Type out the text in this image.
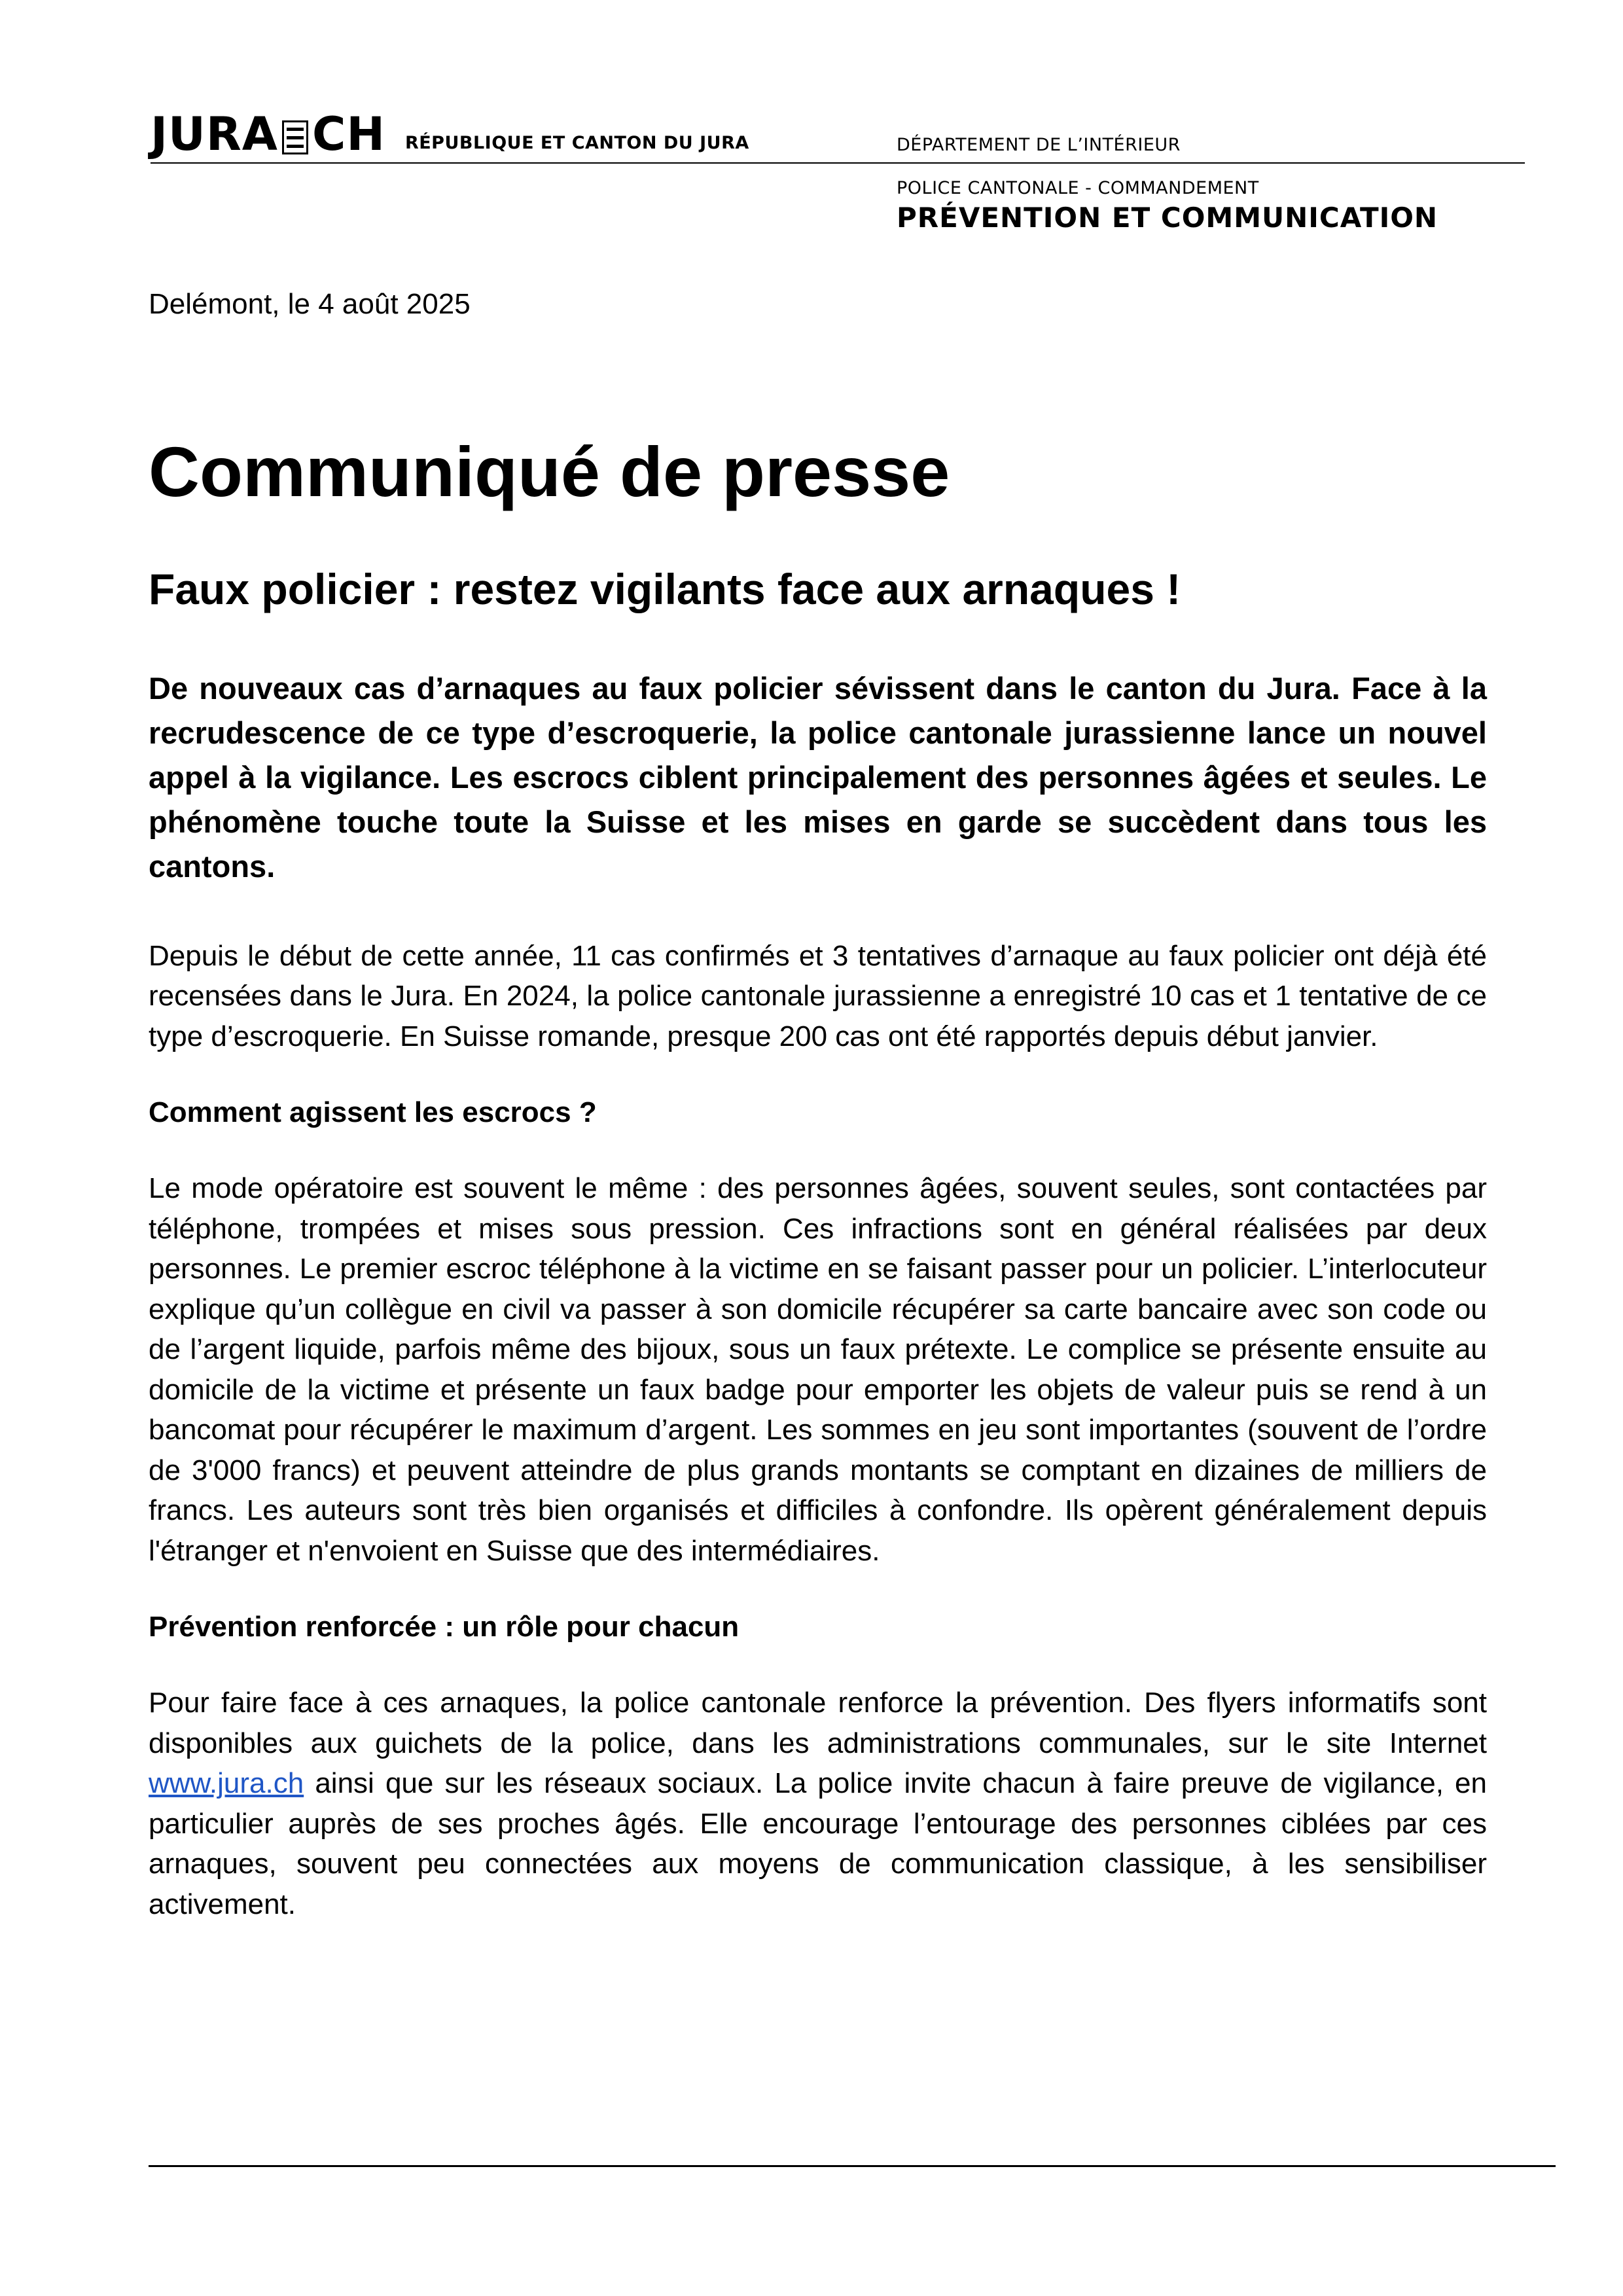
JURA CH RÉPUBLIQUE ET CANTON DU JURA	DÉPARTEMENT DE L’INTÉRIEUR
POLICE CANTONALE - COMMANDEMENT
PRÉVENTION ET COMMUNICATION

Delémont, le 4 août 2025

Communiqué de presse
Faux policier : restez vigilants face aux arnaques !

De nouveaux cas d’arnaques au faux policier sévissent dans le canton du Jura. Face à la recrudescence de ce type d’escroquerie, la police cantonale jurassienne lance un nouvel appel à la vigilance. Les escrocs ciblent principalement des personnes âgées et seules. Le phénomène touche toute la Suisse et les mises en garde se succèdent dans tous les cantons.

Depuis le début de cette année, 11 cas confirmés et 3 tentatives d’arnaque au faux policier ont déjà été recensées dans le Jura. En 2024, la police cantonale jurassienne a enregistré 10 cas et 1 tentative de ce type d’escroquerie. En Suisse romande, presque 200 cas ont été rapportés depuis début janvier.

Comment agissent les escrocs ?

Le mode opératoire est souvent le même : des personnes âgées, souvent seules, sont contactées par téléphone, trompées et mises sous pression. Ces infractions sont en général réalisées par deux personnes. Le premier escroc téléphone à la victime en se faisant passer pour un policier. L’interlocuteur explique qu’un collègue en civil va passer à son domicile récupérer sa carte bancaire avec son code ou de l’argent liquide, parfois même des bijoux, sous un faux prétexte. Le complice se présente ensuite au domicile de la victime et présente un faux badge pour emporter les objets de valeur puis se rend à un bancomat pour récupérer le maximum d’argent. Les sommes en jeu sont importantes (souvent de l’ordre de 3'000 francs) et peuvent atteindre de plus grands montants se comptant en dizaines de milliers de francs. Les auteurs sont très bien organisés et difficiles à confondre. Ils opèrent généralement depuis l'étranger et n'envoient en Suisse que des intermédiaires.

Prévention renforcée : un rôle pour chacun

Pour faire face à ces arnaques, la police cantonale renforce la prévention. Des flyers informatifs sont disponibles aux guichets de la police, dans les administrations communales, sur le site Internet www.jura.ch ainsi que sur les réseaux sociaux. La police invite chacun à faire preuve de vigilance, en particulier auprès de ses proches âgés. Elle encourage l’entourage des personnes ciblées par ces arnaques, souvent peu connectées aux moyens de communication classique, à les sensibiliser activement.
